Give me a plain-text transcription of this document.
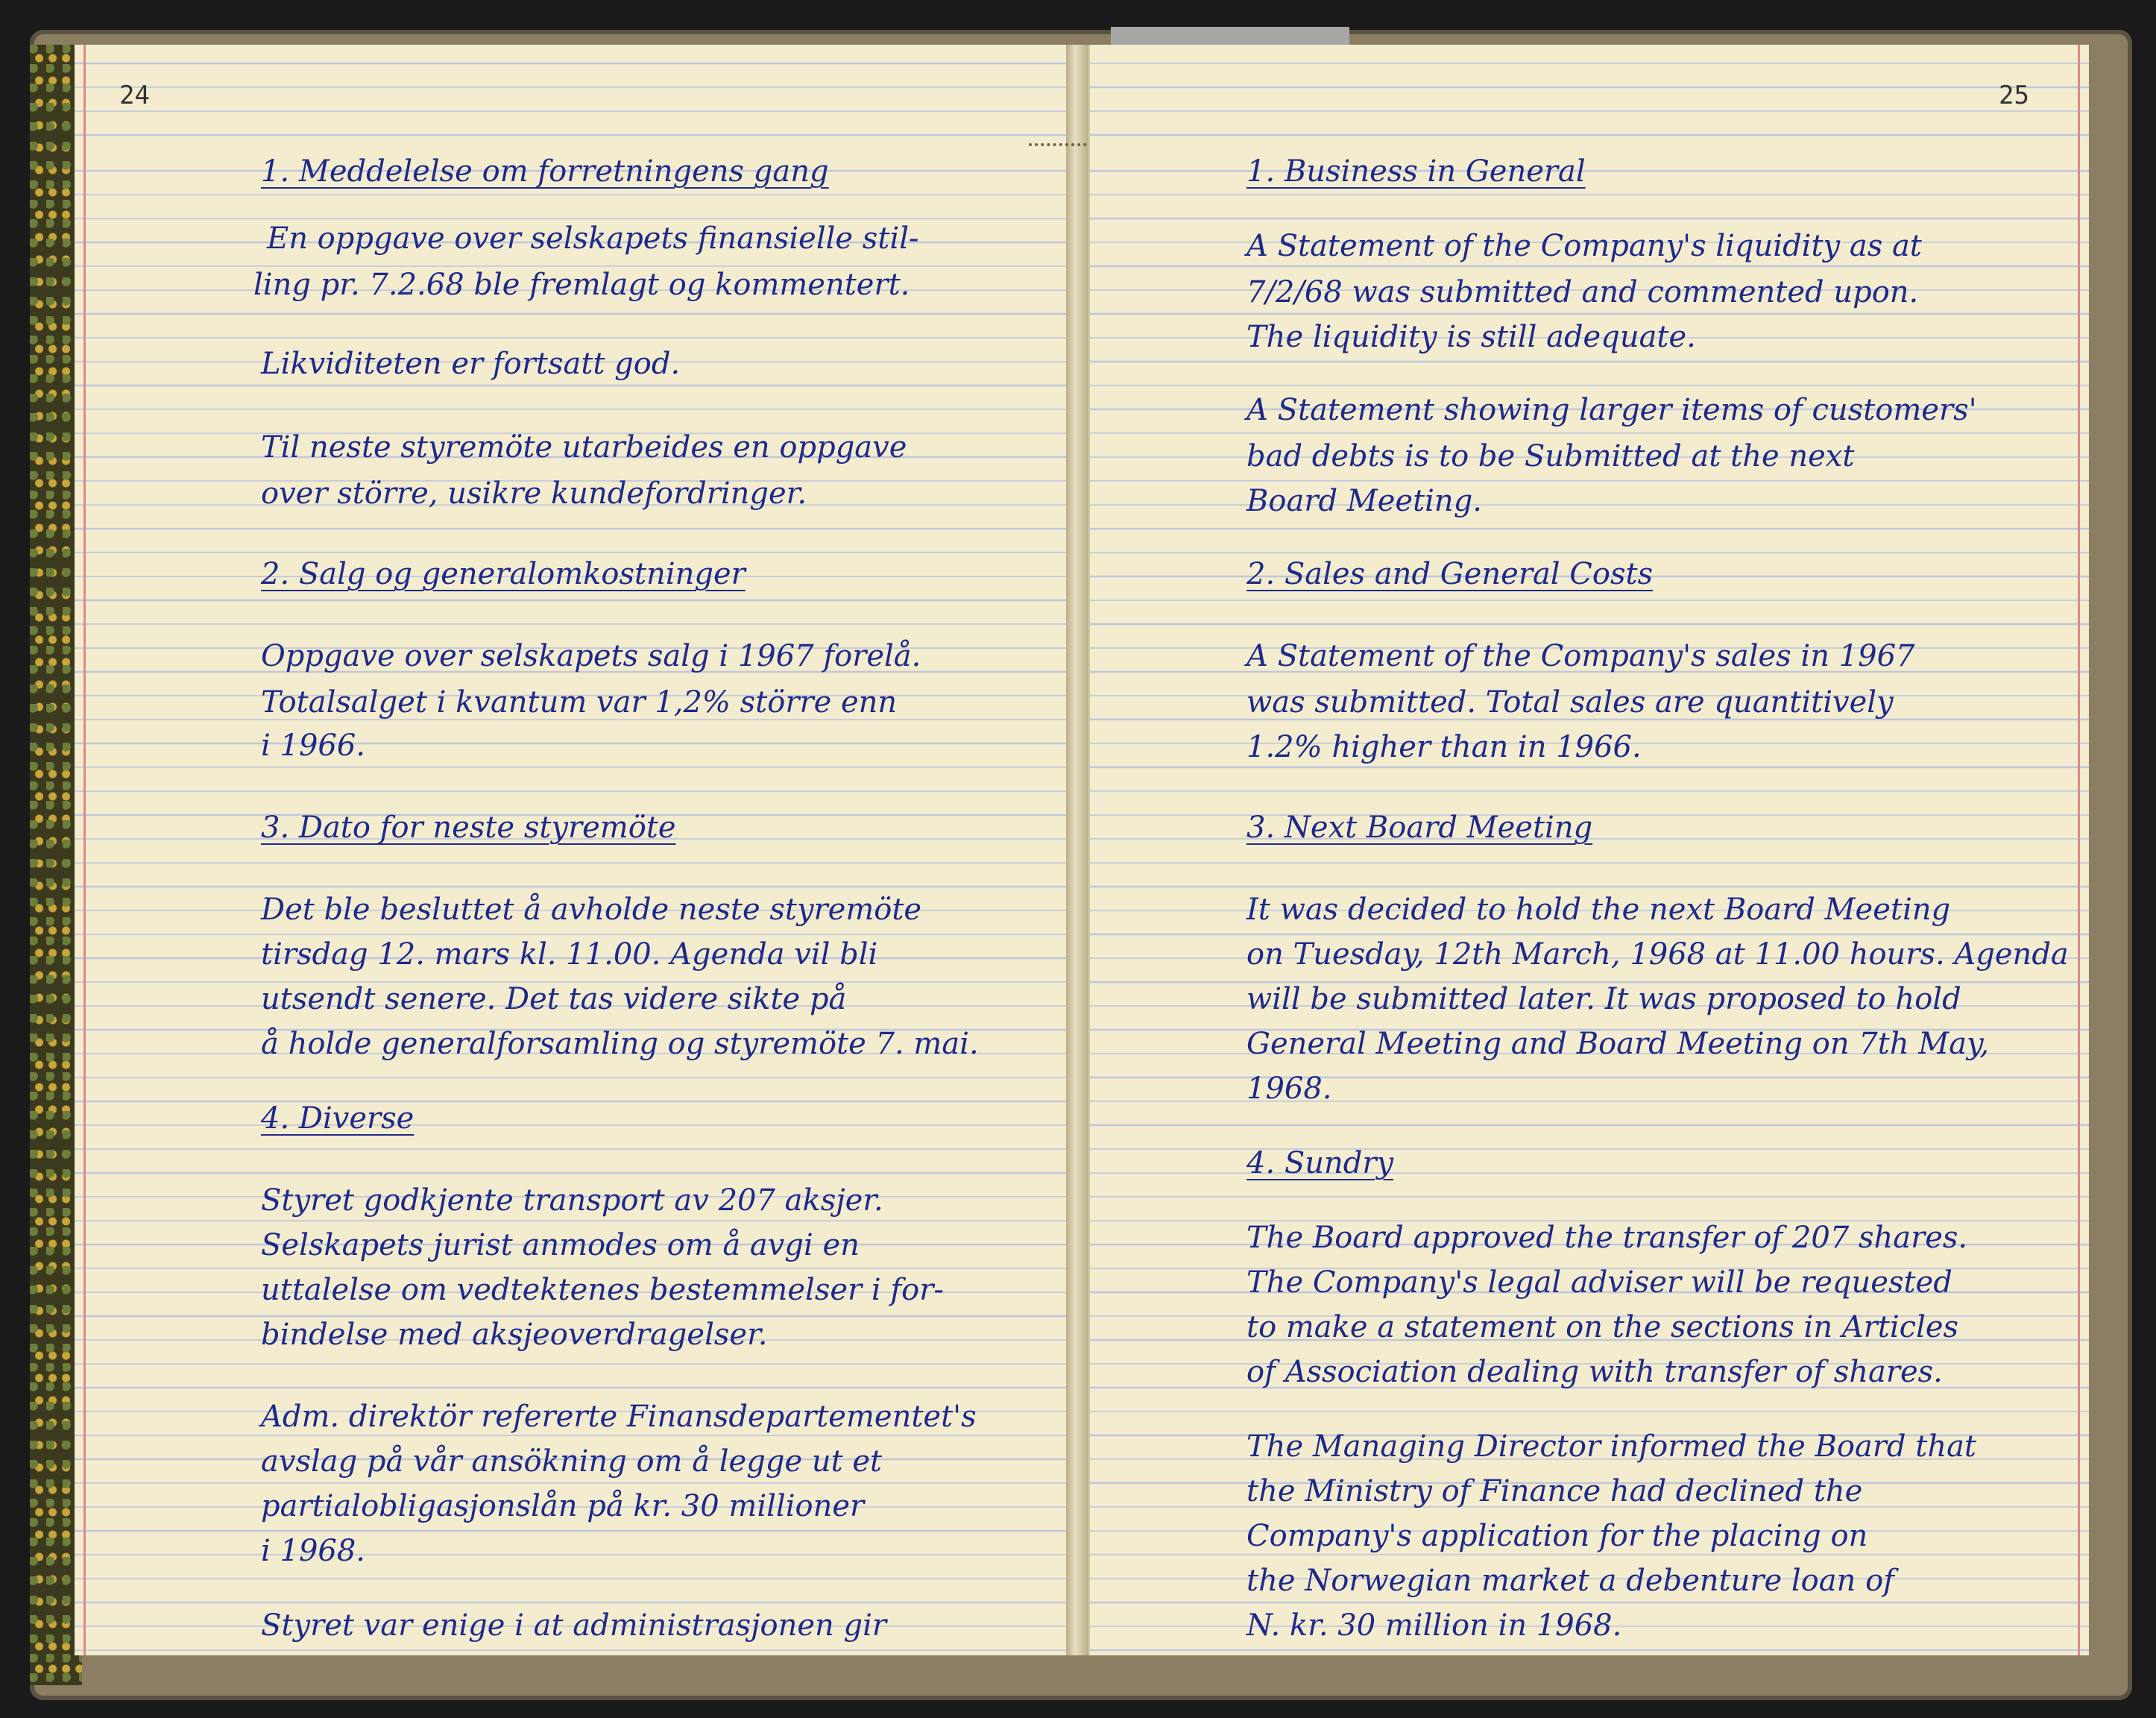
24
1. Meddelelse om forretningens gang
En oppgave over selskapets finansielle stil-
ling pr. 7.2.68 ble fremlagt og kommentert.
Likviditeten er fortsatt god.
Til neste styremöte utarbeides en oppgave
over större, usikre kundefordringer.
2. Salg og generalomkostninger
Oppgave over selskapets salg i 1967 forelå.
Totalsalget i kvantum var 1,2% större enn
i 1966.
3. Dato for neste styremöte
Det ble besluttet å avholde neste styremöte
tirsdag 12. mars kl. 11.00. Agenda vil bli
utsendt senere. Det tas videre sikte på
å holde generalforsamling og styremöte 7. mai.
4. Diverse
Styret godkjente transport av 207 aksjer.
Selskapets jurist anmodes om å avgi en
uttalelse om vedtektenes bestemmelser i for-
bindelse med aksjeoverdragelser.
Adm. direktör refererte Finansdepartementet's
avslag på vår ansökning om å legge ut et
partialobligasjonslån på kr. 30 millioner
i 1968.
Styret var enige i at administrasjonen gir
25
1. Business in General
A Statement of the Company's liquidity as at
7/2/68 was submitted and commented upon.
The liquidity is still adequate.
A Statement showing larger items of customers'
bad debts is to be Submitted at the next
Board Meeting.
2. Sales and General Costs
A Statement of the Company's sales in 1967
was submitted. Total sales are quantitively
1.2% higher than in 1966.
3. Next Board Meeting
It was decided to hold the next Board Meeting
on Tuesday, 12th March, 1968 at 11.00 hours. Agenda
will be submitted later. It was proposed to hold
General Meeting and Board Meeting on 7th May,
1968.
4. Sundry
The Board approved the transfer of 207 shares.
The Company's legal adviser will be requested
to make a statement on the sections in Articles
of Association dealing with transfer of shares.
The Managing Director informed the Board that
the Ministry of Finance had declined the
Company's application for the placing on
the Norwegian market a debenture loan of
N. kr. 30 million in 1968.
